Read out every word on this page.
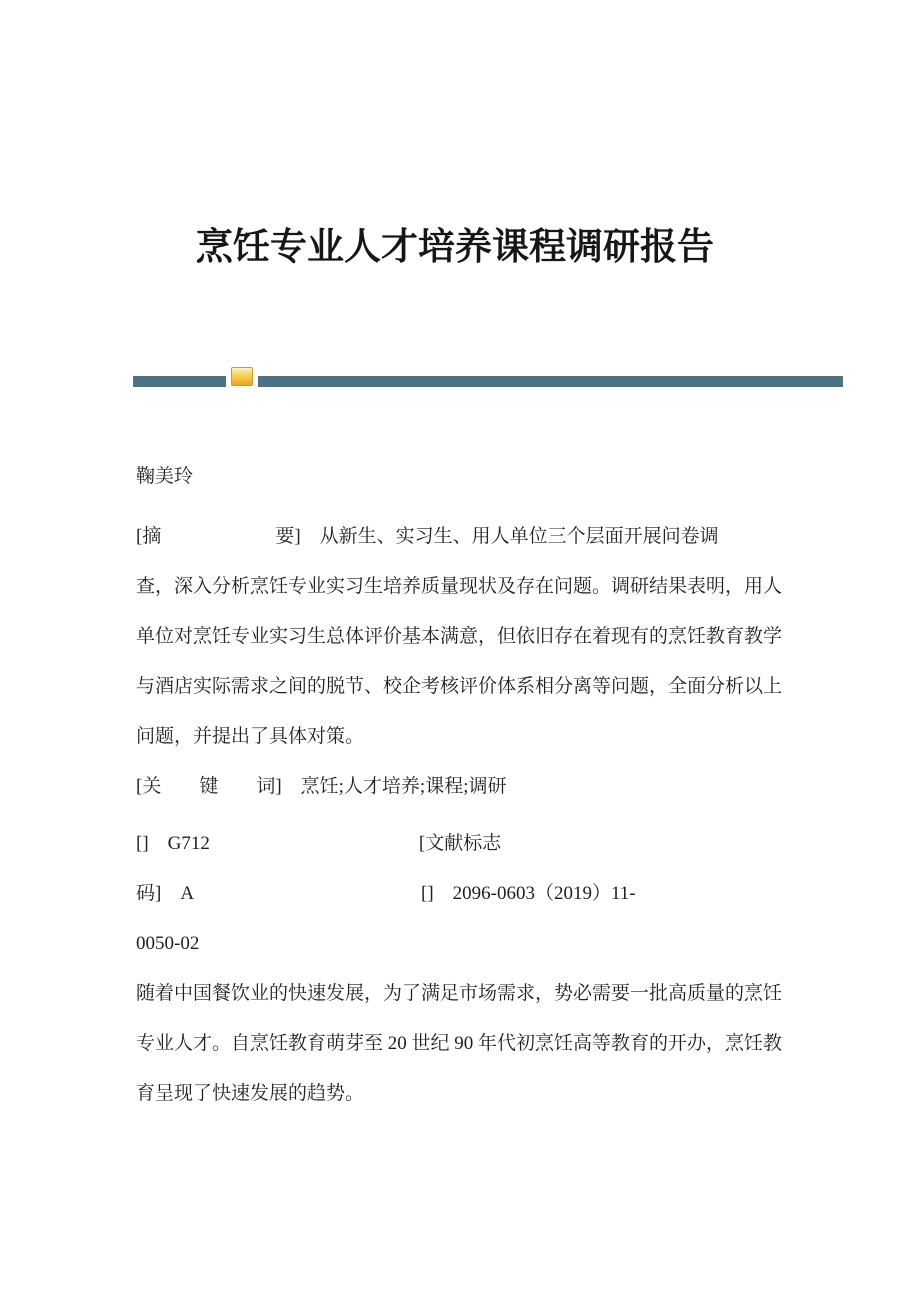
烹饪专业人才培养课程调研报告
鞠美玲
[摘　　　　　　要]　从新生、实习生、用人单位三个层面开展问卷调
查，深入分析烹饪专业实习生培养质量现状及存在问题。调研结果表明，用人
单位对烹饪专业实习生总体评价基本满意，但依旧存在着现有的烹饪教育教学
与酒店实际需求之间的脱节、校企考核评价体系相分离等问题，全面分析以上
问题，并提出了具体对策。
[关　　键　　词]　烹饪;人才培养;课程;调研
[]　G712　　　　　　　　　　　[文献标志
码]　A　　　　　　　　　　　　[]　2096-0603（2019）11-
0050-02
随着中国餐饮业的快速发展，为了满足市场需求，势必需要一批高质量的烹饪
专业人才。自烹饪教育萌芽至 20 世纪 90 年代初烹饪高等教育的开办，烹饪教
育呈现了快速发展的趋势。
